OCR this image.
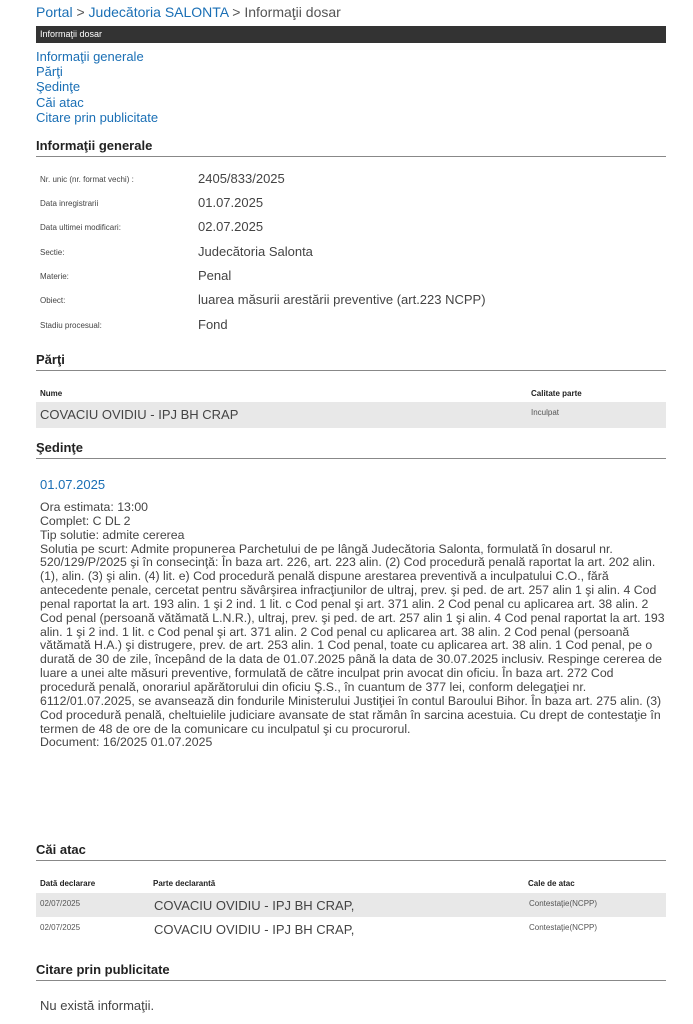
Portal > Judecătoria SALONTA > Informaţii dosar
Informaţii dosar
Informaţii generale
Părţi
Şedinţe
Căi atac
Citare prin publicitate
Informaţii generale
Nr. unic (nr. format vechi) :	2405/833/2025
Data inregistrarii	01.07.2025
Data ultimei modificari:	02.07.2025
Sectie:	Judecătoria Salonta
Materie:	Penal
Obiect:	luarea măsurii arestării preventive (art.223 NCPP)
Stadiu procesual:	Fond
Părţi
Nume	Calitate parte
COVACIU OVIDIU - IPJ BH CRAP	Inculpat
Şedinţe
01.07.2025
Ora estimata: 13:00
Complet: C DL 2
Tip solutie: admite cererea
Solutia pe scurt: Admite propunerea Parchetului de pe lângă Judecătoria Salonta, formulată în dosarul nr. 520/129/P/2025 şi în consecinţă: În baza art. 226, art. 223 alin. (2) Cod procedură penală raportat la art. 202 alin. (1), alin. (3) şi alin. (4) lit. e) Cod procedură penală dispune arestarea preventivă a inculpatului C.O., fără antecedente penale, cercetat pentru săvârşirea infracţiunilor de ultraj, prev. şi ped. de art. 257 alin 1 şi alin. 4 Cod penal raportat la art. 193 alin. 1 şi 2 ind. 1 lit. c Cod penal şi art. 371 alin. 2 Cod penal cu aplicarea art. 38 alin. 2 Cod penal (persoană vătămată L.N.R.), ultraj, prev. şi ped. de art. 257 alin 1 şi alin. 4 Cod penal raportat la art. 193 alin. 1 şi 2 ind. 1 lit. c Cod penal şi art. 371 alin. 2 Cod penal cu aplicarea art. 38 alin. 2 Cod penal (persoană vătămată H.A.) şi distrugere, prev. de art. 253 alin. 1 Cod penal, toate cu aplicarea art. 38 alin. 1 Cod penal, pe o durată de 30 de zile, începând de la data de 01.07.2025 până la data de 30.07.2025 inclusiv. Respinge cererea de luare a unei alte măsuri preventive, formulată de către inculpat prin avocat din oficiu. În baza art. 272 Cod procedură penală, onorariul apărătorului din oficiu Ş.S., în cuantum de 377 lei, conform delegaţiei nr. 6112/01.07.2025, se avansează din fondurile Ministerului Justiţiei în contul Baroului Bihor. În baza art. 275 alin. (3) Cod procedură penală, cheltuielile judiciare avansate de stat rămân în sarcina acestuia. Cu drept de contestaţie în termen de 48 de ore de la comunicare cu inculpatul şi cu procurorul.
Document: 16/2025 01.07.2025
Căi atac
Dată declarare	Parte declarantă	Cale de atac
02/07/2025	COVACIU OVIDIU - IPJ BH CRAP,	Contestaţie(NCPP)
02/07/2025	COVACIU OVIDIU - IPJ BH CRAP,	Contestaţie(NCPP)
Citare prin publicitate
Nu există informaţii.
